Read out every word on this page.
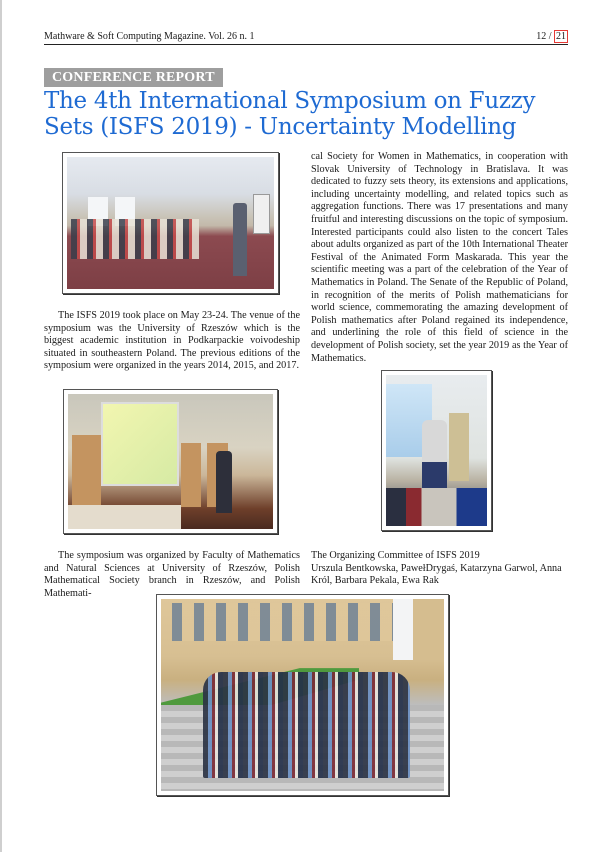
Mathware & Soft Computing Magazine. Vol. 26 n. 1	12 / 21
CONFERENCE REPORT
The 4th International Symposium on Fuzzy Sets (ISFS 2019) - Uncertainty Modelling

The ISFS 2019 took place on May 23-24. The venue of the symposium was the University of Rzeszów which is the biggest academic institution in Podkarpackie voivodeship situated in southeastern Poland. The previous editions of the symposium were organized in the years 2014, 2015, and 2017.

The symposium was organized by Faculty of Mathematics and Natural Sciences at University of Rzeszów, Polish Mathematical Society branch in Rzeszów, and Polish Mathemati-

cal Society for Women in Mathematics, in cooperation with Slovak University of Technology in Bratislava. It was dedicated to fuzzy sets theory, its extensions and applications, including uncertainty modelling, and related topics such as aggregation functions. There was 17 presentations and many fruitful and interesting discussions on the topic of symposium. Interested participants could also listen to the concert Tales about adults organized as part of the 10th International Theater Festival of the Animated Form Maskarada. This year the scientific meeting was a part of the celebration of the Year of Mathematics in Poland. The Senate of the Republic of Poland, in recognition of the merits of Polish mathematicians for world science, commemorating the amazing development of Polish mathematics after Poland regained its independence, and underlining the role of this field of science in the development of Polish society, set the year 2019 as the Year of Mathematics.

The Organizing Committee of ISFS 2019

Urszula Bentkowska, PawełDrygaś, Katarzyna Garwol, Anna Król, Barbara Pekala, Ewa Rak
